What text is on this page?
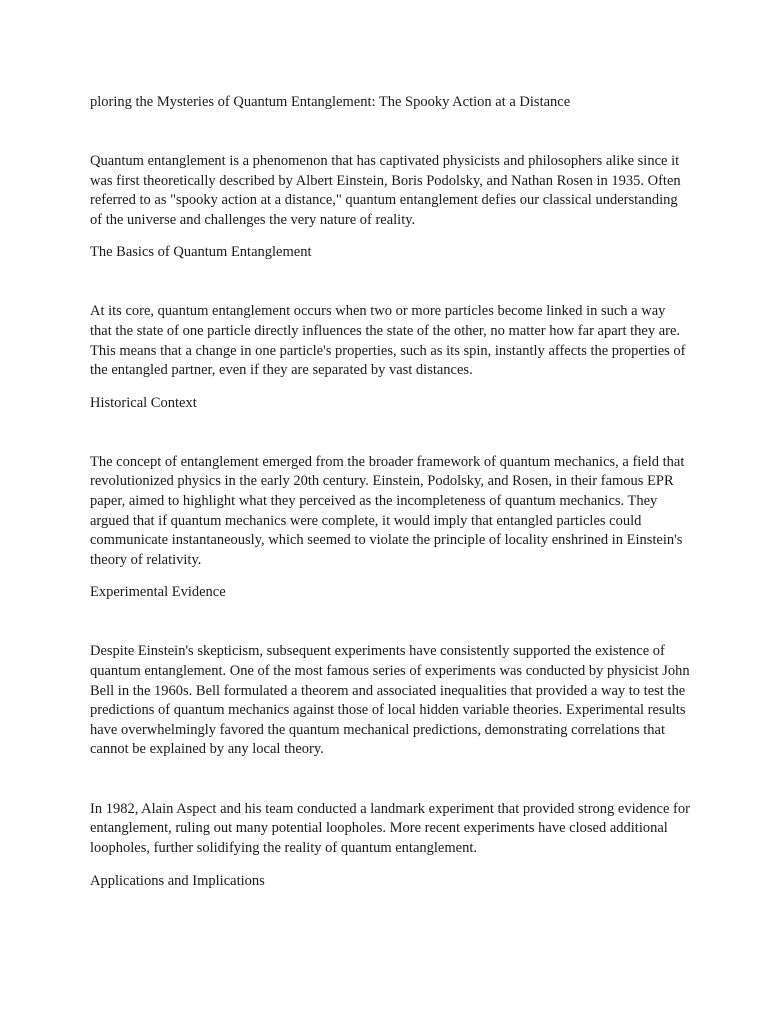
ploring the Mysteries of Quantum Entanglement: The Spooky Action at a Distance

Quantum entanglement is a phenomenon that has captivated physicists and philosophers alike since it was first theoretically described by Albert Einstein, Boris Podolsky, and Nathan Rosen in 1935. Often referred to as "spooky action at a distance," quantum entanglement defies our classical understanding of the universe and challenges the very nature of reality.

The Basics of Quantum Entanglement

At its core, quantum entanglement occurs when two or more particles become linked in such a way that the state of one particle directly influences the state of the other, no matter how far apart they are. This means that a change in one particle's properties, such as its spin, instantly affects the properties of the entangled partner, even if they are separated by vast distances.

Historical Context

The concept of entanglement emerged from the broader framework of quantum mechanics, a field that revolutionized physics in the early 20th century. Einstein, Podolsky, and Rosen, in their famous EPR paper, aimed to highlight what they perceived as the incompleteness of quantum mechanics. They argued that if quantum mechanics were complete, it would imply that entangled particles could communicate instantaneously, which seemed to violate the principle of locality enshrined in Einstein's theory of relativity.

Experimental Evidence

Despite Einstein's skepticism, subsequent experiments have consistently supported the existence of quantum entanglement. One of the most famous series of experiments was conducted by physicist John Bell in the 1960s. Bell formulated a theorem and associated inequalities that provided a way to test the predictions of quantum mechanics against those of local hidden variable theories. Experimental results have overwhelmingly favored the quantum mechanical predictions, demonstrating correlations that cannot be explained by any local theory.

In 1982, Alain Aspect and his team conducted a landmark experiment that provided strong evidence for entanglement, ruling out many potential loopholes. More recent experiments have closed additional loopholes, further solidifying the reality of quantum entanglement.

Applications and Implications
